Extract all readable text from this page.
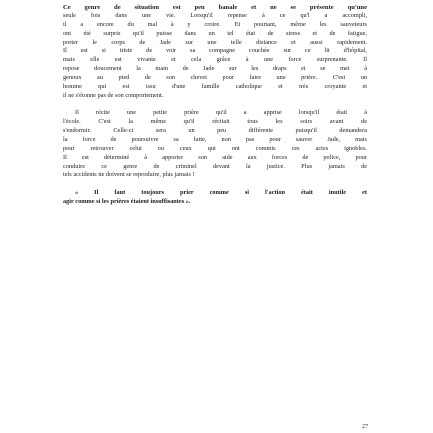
Ce genre de situation est peu banale et ne se présente qu'une
seule fois dans une vie. Lorsqu'il repense à ce qu'l a accompli,
il a encore du mal à y croire. Et pourtant, même les sauveteurs
ont été surpris qu'il puisse dans un tel état de stress et de fatigue,
porter le corps de Jade sur une telle distance et aussi rapidement.
Il est si triste de voir sa compagne couchée sur ce lit d'hôpital,
mais elle est vivante et cela grâce à une force surprenante. Il
repose doucement la main de Jade sur les draps et se met à
genoux au pied de son chevet pour faire une prière. C'est un
homme qui est issu d'une famille catholique et très croyante et
il ne s'étonne pas de son comportement.
Il récite une petite prière qu'il a apprise lorsqu'il était à
l'école. C'est la même qu'il récitait tous les soirs avant de
s'endormir. Celle-ci sera un peu différente puisqu'il demandera
la force de poursuivre sa lutte, non pas pour sauver Jade, mais
pour retrouver celui ou ceux qui ont commis ces actes ignobles.
Il est déterminé à apporter son aide aux forces de police, pour
conduire ce genre de criminel devant la justice. Plus jamais de
tels accidents ne doivent se reproduire, plus jamais !
« Il faut toujours prier comme si l'action était inutile et
agir comme si les prières étaient insuffisantes ».
27
